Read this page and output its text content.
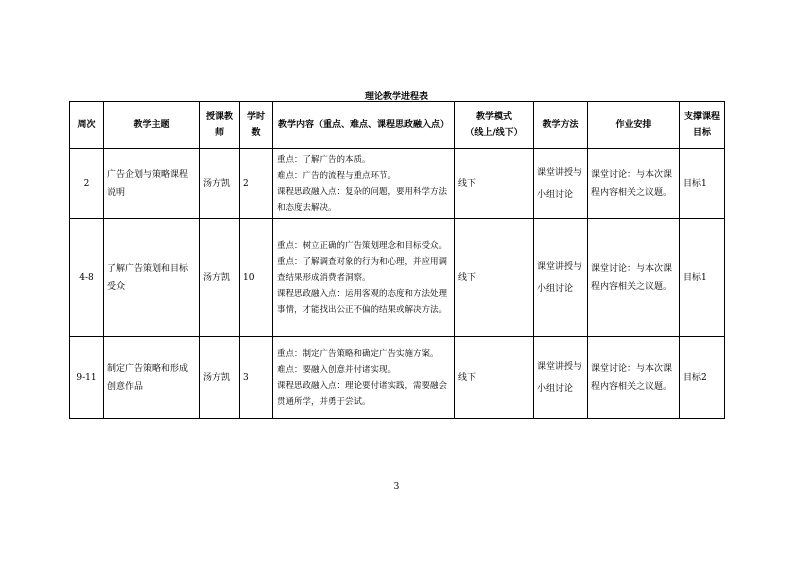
理论教学进程表
周次	教学主题	授课教师	学时数	教学内容（重点、难点、课程思政融入点）	教学模式
（线上/线下）	教学方法	作业安排	支撑课程目标
2	广告企划与策略课程说明	汤方凯	2	重点：了解广告的本质。
难点：广告的流程与重点环节。
课程思政融入点：复杂的问题，要用科学方法和态度去解决。	线下	课堂讲授与小组讨论	课堂讨论：与本次课程内容相关之议题。	目标1
4-8	了解广告策划和目标受众	汤方凯	10	重点：树立正确的广告策划理念和目标受众。
重点：了解调查对象的行为和心理，并应用调查结果形成消费者洞察。
课程思政融入点：运用客观的态度和方法处理事情，才能找出公正不偏的结果或解决方法。	线下	课堂讲授与小组讨论	课堂讨论：与本次课程内容相关之议题。	目标1
9-11	制定广告策略和形成创意作品	汤方凯	3	重点：制定广告策略和确定广告实施方案。
难点：要融入创意并付诸实现。
课程思政融入点：理论要付诸实践，需要融会贯通所学，并勇于尝试。	线下	课堂讲授与小组讨论	课堂讨论：与本次课程内容相关之议题。	目标2
3
